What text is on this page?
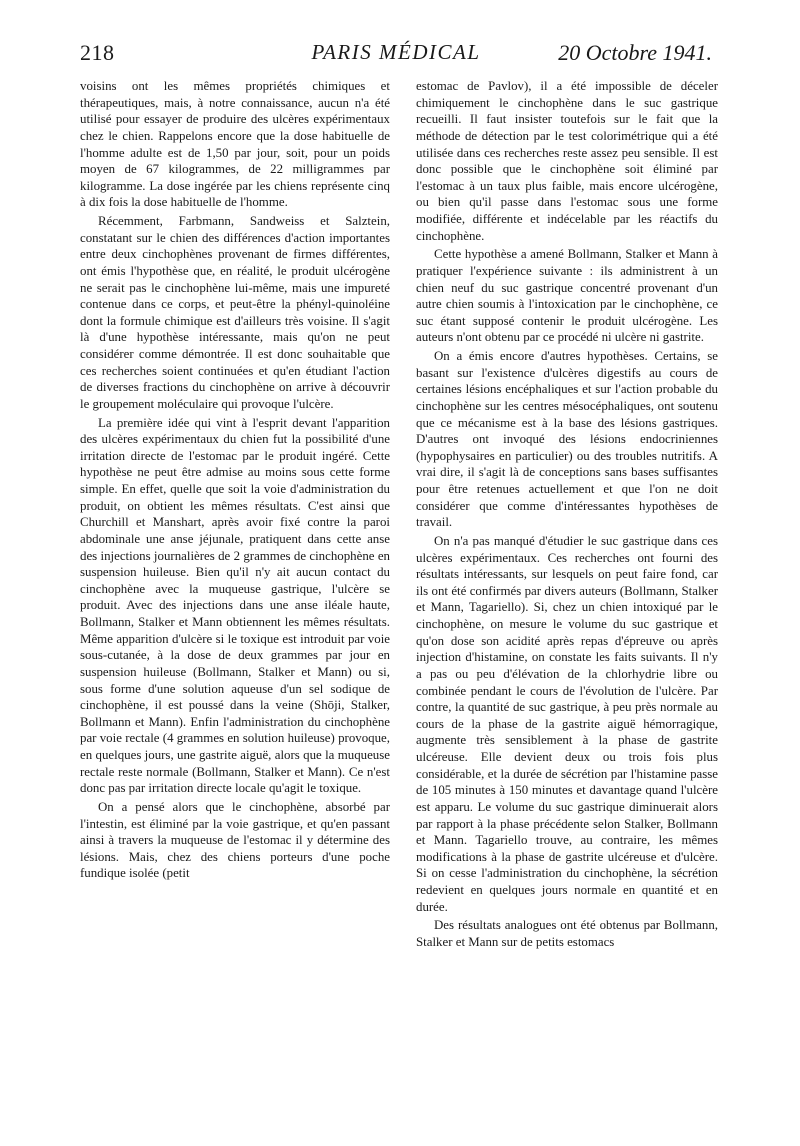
218	PARIS MÉDICAL	20 Octobre 1941.

voisins ont les mêmes propriétés chimiques et thérapeutiques, mais, à notre connaissance, aucun n'a été utilisé pour essayer de produire des ulcères expérimentaux chez le chien. Rappelons encore que la dose habituelle de l'homme adulte est de 1,50 par jour, soit, pour un poids moyen de 67 kilogrammes, de 22 milligrammes par kilogramme. La dose ingérée par les chiens représente cinq à dix fois la dose habituelle de l'homme.

Récemment, Farbmann, Sandweiss et Salztein, constatant sur le chien des différences d'action importantes entre deux cinchophènes provenant de firmes différentes, ont émis l'hypothèse que, en réalité, le produit ulcérogène ne serait pas le cinchophène lui-même, mais une impureté contenue dans ce corps, et peut-être la phényl-quinoléine dont la formule chimique est d'ailleurs très voisine. Il s'agit là d'une hypothèse intéressante, mais qu'on ne peut considérer comme démontrée. Il est donc souhaitable que ces recherches soient continuées et qu'en étudiant l'action de diverses fractions du cinchophène on arrive à découvrir le groupement moléculaire qui provoque l'ulcère.

La première idée qui vint à l'esprit devant l'apparition des ulcères expérimentaux du chien fut la possibilité d'une irritation directe de l'estomac par le produit ingéré. Cette hypothèse ne peut être admise au moins sous cette forme simple. En effet, quelle que soit la voie d'administration du produit, on obtient les mêmes résultats. C'est ainsi que Churchill et Manshart, après avoir fixé contre la paroi abdominale une anse jéjunale, pratiquent dans cette anse des injections journalières de 2 grammes de cinchophène en suspension huileuse. Bien qu'il n'y ait aucun contact du cinchophène avec la muqueuse gastrique, l'ulcère se produit. Avec des injections dans une anse iléale haute, Bollmann, Stalker et Mann obtiennent les mêmes résultats. Même apparition d'ulcère si le toxique est introduit par voie sous-cutanée, à la dose de deux grammes par jour en suspension huileuse (Bollmann, Stalker et Mann) ou si, sous forme d'une solution aqueuse d'un sel sodique de cinchophène, il est poussé dans la veine (Shōji, Stalker, Bollmann et Mann). Enfin l'administration du cinchophène par voie rectale (4 grammes en solution huileuse) provoque, en quelques jours, une gastrite aiguë, alors que la muqueuse rectale reste normale (Bollmann, Stalker et Mann). Ce n'est donc pas par irritation directe locale qu'agit le toxique.

On a pensé alors que le cinchophène, absorbé par l'intestin, est éliminé par la voie gastrique, et qu'en passant ainsi à travers la muqueuse de l'estomac il y détermine des lésions. Mais, chez des chiens porteurs d'une poche fundique isolée (petit

estomac de Pavlov), il a été impossible de déceler chimiquement le cinchophène dans le suc gastrique recueilli. Il faut insister toutefois sur le fait que la méthode de détection par le test colorimétrique qui a été utilisée dans ces recherches reste assez peu sensible. Il est donc possible que le cinchophène soit éliminé par l'estomac à un taux plus faible, mais encore ulcérogène, ou bien qu'il passe dans l'estomac sous une forme modifiée, différente et indécelable par les réactifs du cinchophène.

Cette hypothèse a amené Bollmann, Stalker et Mann à pratiquer l'expérience suivante : ils administrent à un chien neuf du suc gastrique concentré provenant d'un autre chien soumis à l'intoxication par le cinchophène, ce suc étant supposé contenir le produit ulcérogène. Les auteurs n'ont obtenu par ce procédé ni ulcère ni gastrite.

On a émis encore d'autres hypothèses. Certains, se basant sur l'existence d'ulcères digestifs au cours de certaines lésions encéphaliques et sur l'action probable du cinchophène sur les centres mésocéphaliques, ont soutenu que ce mécanisme est à la base des lésions gastriques. D'autres ont invoqué des lésions endocriniennes (hypophysaires en particulier) ou des troubles nutritifs. A vrai dire, il s'agit là de conceptions sans bases suffisantes pour être retenues actuellement et que l'on ne doit considérer que comme d'intéressantes hypothèses de travail.

On n'a pas manqué d'étudier le suc gastrique dans ces ulcères expérimentaux. Ces recherches ont fourni des résultats intéressants, sur lesquels on peut faire fond, car ils ont été confirmés par divers auteurs (Bollmann, Stalker et Mann, Tagariello). Si, chez un chien intoxiqué par le cinchophène, on mesure le volume du suc gastrique et qu'on dose son acidité après repas d'épreuve ou après injection d'histamine, on constate les faits suivants. Il n'y a pas ou peu d'élévation de la chlorhydrie libre ou combinée pendant le cours de l'évolution de l'ulcère. Par contre, la quantité de suc gastrique, à peu près normale au cours de la phase de la gastrite aiguë hémorragique, augmente très sensiblement à la phase de gastrite ulcéreuse. Elle devient deux ou trois fois plus considérable, et la durée de sécrétion par l'histamine passe de 105 minutes à 150 minutes et davantage quand l'ulcère est apparu. Le volume du suc gastrique diminuerait alors par rapport à la phase précédente selon Stalker, Bollmann et Mann. Tagariello trouve, au contraire, les mêmes modifications à la phase de gastrite ulcéreuse et d'ulcère. Si on cesse l'administration du cinchophène, la sécrétion redevient en quelques jours normale en quantité et en durée.

Des résultats analogues ont été obtenus par Bollmann, Stalker et Mann sur de petits estomacs
